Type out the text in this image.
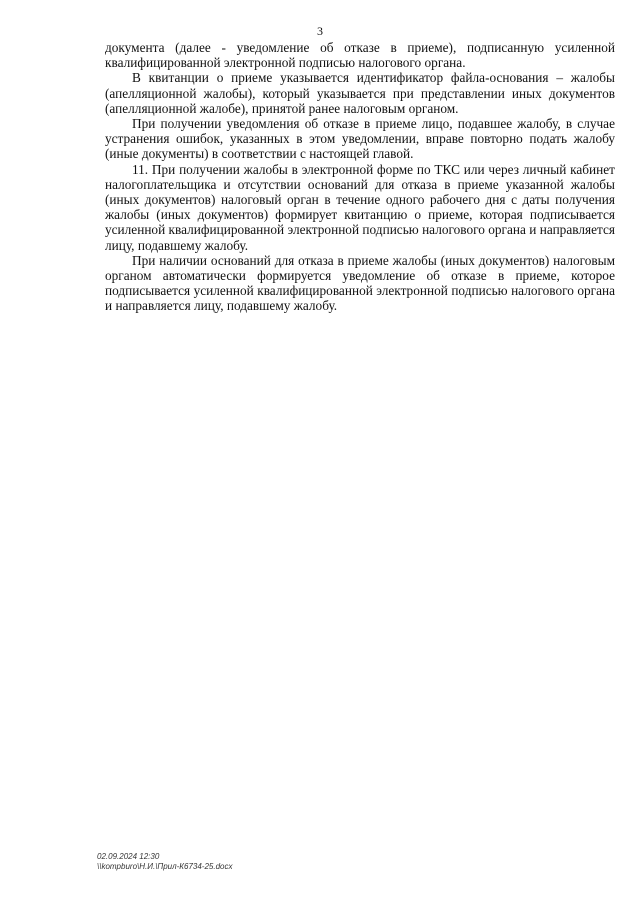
3

документа (далее - уведомление об отказе в приеме), подписанную усиленной квалифицированной электронной подписью налогового органа.

В квитанции о приеме указывается идентификатор файла-основания – жалобы (апелляционной жалобы), который указывается при представлении иных документов (апелляционной жалобе), принятой ранее налоговым органом.

При получении уведомления об отказе в приеме лицо, подавшее жалобу, в случае устранения ошибок, указанных в этом уведомлении, вправе повторно подать жалобу (иные документы) в соответствии с настоящей главой.

11. При получении жалобы в электронной форме по ТКС или через личный кабинет налогоплательщика и отсутствии оснований для отказа в приеме указанной жалобы (иных документов) налоговый орган в течение одного рабочего дня с даты получения жалобы (иных документов) формирует квитанцию о приеме, которая подписывается усиленной квалифицированной электронной подписью налогового органа и направляется лицу, подавшему жалобу.

При наличии оснований для отказа в приеме жалобы (иных документов) налоговым органом автоматически формируется уведомление об отказе в приеме, которое подписывается усиленной квалифицированной электронной подписью налогового органа и направляется лицу, подавшему жалобу.

02.09.2024 12:30
\\kompburo\Н.И.\Прил-К6734-25.docx
